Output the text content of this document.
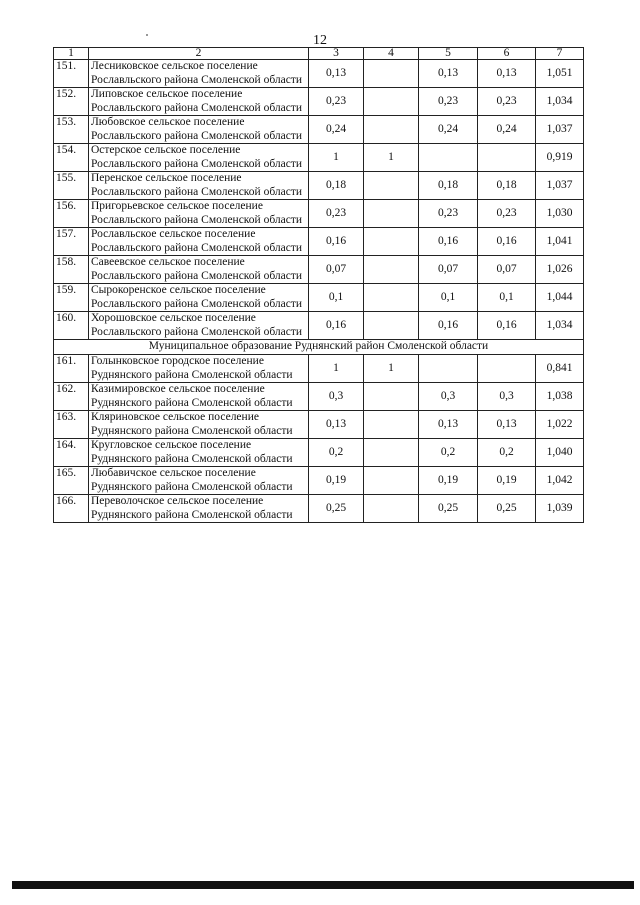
12
1	2	3	4	5	6	7
151.	Лесниковское сельское поселение Рославльского района Смоленской области	0,13		0,13	0,13	1,051
152.	Липовское сельское поселение Рославльского района Смоленской области	0,23		0,23	0,23	1,034
153.	Любовское сельское поселение Рославльского района Смоленской области	0,24		0,24	0,24	1,037
154.	Остерское сельское поселение Рославльского района Смоленской области	1	1			0,919
155.	Перенское сельское поселение Рославльского района Смоленской области	0,18		0,18	0,18	1,037
156.	Пригорьевское сельское поселение Рославльского района Смоленской области	0,23		0,23	0,23	1,030
157.	Рославльское сельское поселение Рославльского района Смоленской области	0,16		0,16	0,16	1,041
158.	Савеевское сельское поселение Рославльского района Смоленской области	0,07		0,07	0,07	1,026
159.	Сырокоренское сельское поселение Рославльского района Смоленской области	0,1		0,1	0,1	1,044
160.	Хорошовское сельское поселение Рославльского района Смоленской области	0,16		0,16	0,16	1,034
Муниципальное образование Руднянский район Смоленской области						
161.	Голынковское городское поселение Руднянского района Смоленской области	1	1			0,841
162.	Казимировское сельское поселение Руднянского района Смоленской области	0,3		0,3	0,3	1,038
163.	Кляриновское сельское поселение Руднянского района Смоленской области	0,13		0,13	0,13	1,022
164.	Кругловское сельское поселение Руднянского района Смоленской области	0,2		0,2	0,2	1,040
165.	Любавичское сельское поселение Руднянского района Смоленской области	0,19		0,19	0,19	1,042
166.	Переволочское сельское поселение Руднянского района Смоленской области	0,25		0,25	0,25	1,039
